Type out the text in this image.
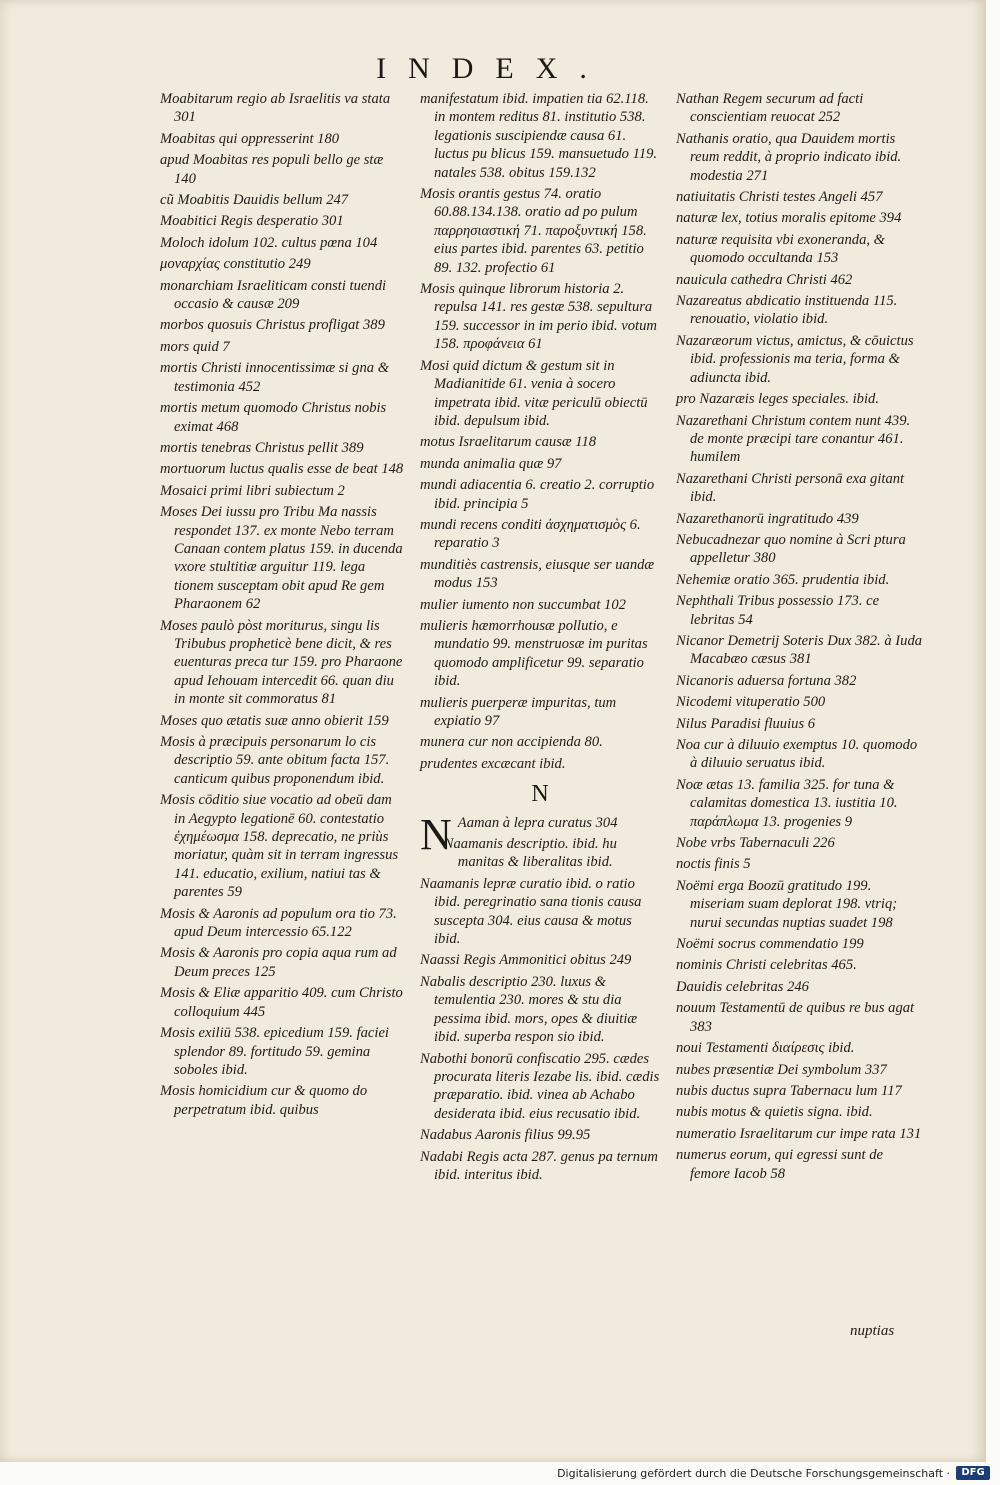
INDEX.
Moabitarum regio ab Israelitis va stata 301
Moabitas qui oppresserint 180
apud Moabitas res populi bello ge stæ 140
cũ Moabitis Dauidis bellum 247
Moabitici Regis desperatio 301
Moloch idolum 102. cultus pœna 104
μοναρχίας constitutio 249
monarchiam Israeliticam consti tuendi occasio & causæ 209
morbos quosuis Christus profligat 389
mors quid 7
mortis Christi innocentissimæ si gna & testimonia 452
mortis metum quomodo Christus nobis eximat 468
mortis tenebras Christus pellit 389
mortuorum luctus qualis esse de beat 148
Mosaici primi libri subiectum 2
Moses Dei iussu pro Tribu Ma nassis respondet 137. ex monte Nebo terram Canaan contem platus 159. in ducenda vxore stultitiæ arguitur 119. lega tionem susceptam obit apud Re gem Pharaonem 62
Moses paulò pòst moriturus, singu lis Tribubus propheticè bene dicit, & res euenturas preca tur 159. pro Pharaone apud Iehouam intercedit 66. quan diu in monte sit commoratus 81
Moses quo ætatis suæ anno obierit 159
Mosis à præcipuis personarum lo cis descriptio 59. ante obitum facta 157. canticum quibus proponendum ibid.
Mosis cōditio siue vocatio ad obeū dam in Aegypto legationē 60. contestatio ἐχημέωσμα 158. deprecatio, ne priùs moriatur, quàm sit in terram ingressus 141. educatio, exilium, natiui tas & parentes 59
Mosis & Aaronis ad populum ora tio 73. apud Deum intercessio 65.122
Mosis & Aaronis pro copia aqua rum ad Deum preces 125
Mosis & Eliæ apparitio 409. cum Christo colloquium 445
Mosis exiliū 538. epicedium 159. faciei splendor 89. fortitudo 59. gemina soboles ibid.
Mosis homicidium cur & quomo do perpetratum ibid. quibus
manifestatum ibid. impatien tia 62.118. in montem reditus 81. institutio 538. legationis suscipiendæ causa 61. luctus pu blicus 159. mansuetudo 119. natales 538. obitus 159.132
Mosis orantis gestus 74. oratio 60.88.134.138. oratio ad po pulum παρρησιαστική 71. παροξυντική 158. eius partes ibid. parentes 63. petitio 89. 132. profectio 61
Mosis quinque librorum historia 2. repulsa 141. res gestæ 538. sepultura 159. successor in im perio ibid. votum 158. προφάνεια 61
Mosi quid dictum & gestum sit in Madianitide 61. venia à socero impetrata ibid. vitæ periculū obiectū ibid. depulsum ibid.
motus Israelitarum causæ 118
munda animalia quæ 97
mundi adiacentia 6. creatio 2. corruptio ibid. principia 5
mundi recens conditi ἀσχηματισμὸς 6. reparatio 3
munditiès castrensis, eiusque ser uandæ modus 153
mulier iumento non succumbat 102
mulieris hæmorrhousæ pollutio, e mundatio 99. menstruosæ im puritas quomodo amplificetur 99. separatio ibid.
mulieris puerperæ impuritas, tum expiatio 97
munera cur non accipienda 80.
prudentes excæcant ibid.
N
N Aaman à lepra curatus 304
Naamanis descriptio. ibid. hu manitas & liberalitas ibid.
Naamanis lepræ curatio ibid. o ratio ibid. peregrinatio sana tionis causa suscepta 304. eius causa & motus ibid.
Naassi Regis Ammonitici obitus 249
Nabalis descriptio 230. luxus & temulentia 230. mores & stu dia pessima ibid. mors, opes & diuitiæ ibid. superba respon sio ibid.
Nabothi bonorū confiscatio 295. cædes procurata literis Iezabe lis. ibid. cædis præparatio. ibid. vinea ab Achabo desiderata ibid. eius recusatio ibid.
Nadabus Aaronis filius 99.95
Nadabi Regis acta 287. genus pa ternum ibid. interitus ibid.
Nathan Regem securum ad facti conscientiam reuocat 252
Nathanis oratio, qua Dauidem mortis reum reddit, à proprio indicato ibid. modestia 271
natiuitatis Christi testes Angeli 457
naturæ lex, totius moralis epitome 394
naturæ requisita vbi exoneranda, & quomodo occultanda 153
nauicula cathedra Christi 462
Nazareatus abdicatio instituenda 115. renouatio, violatio ibid.
Nazaræorum victus, amictus, & cōuictus ibid. professionis ma teria, forma & adiuncta ibid.
pro Nazaræis leges speciales. ibid.
Nazarethani Christum contem nunt 439. de monte præcipi tare conantur 461. humilem
Nazarethani Christi personā exa gitant ibid.
Nazarethanorū ingratitudo 439
Nebucadnezar quo nomine à Scri ptura appelletur 380
Nehemiæ oratio 365. prudentia ibid.
Nephthali Tribus possessio 173. ce lebritas 54
Nicanor Demetrij Soteris Dux 382. à Iuda Macabæo cæsus 381
Nicanoris aduersa fortuna 382
Nicodemi vituperatio 500
Nilus Paradisi fluuius 6
Noa cur à diluuio exemptus 10. quomodo à diluuio seruatus ibid.
Noæ ætas 13. familia 325. for tuna & calamitas domestica 13. iustitia 10. παράπλωμα 13. progenies 9
Nobe vrbs Tabernaculi 226
noctis finis 5
Noëmi erga Boozū gratitudo 199. miseriam suam deplorat 198. vtriq; nurui secundas nuptias suadet 198
Noëmi socrus commendatio 199
nominis Christi celebritas 465.
Dauidis celebritas 246
nouum Testamentū de quibus re bus agat 383
noui Testamenti διαίρεσις ibid.
nubes præsentiæ Dei symbolum 337
nubis ductus supra Tabernacu lum 117
nubis motus & quietis signa. ibid.
numeratio Israelitarum cur impe rata 131
numerus eorum, qui egressi sunt de femore Iacob 58
nuptias
Digitalisierung gefördert durch die Deutsche Forschungsgemeinschaft ·	DFG
